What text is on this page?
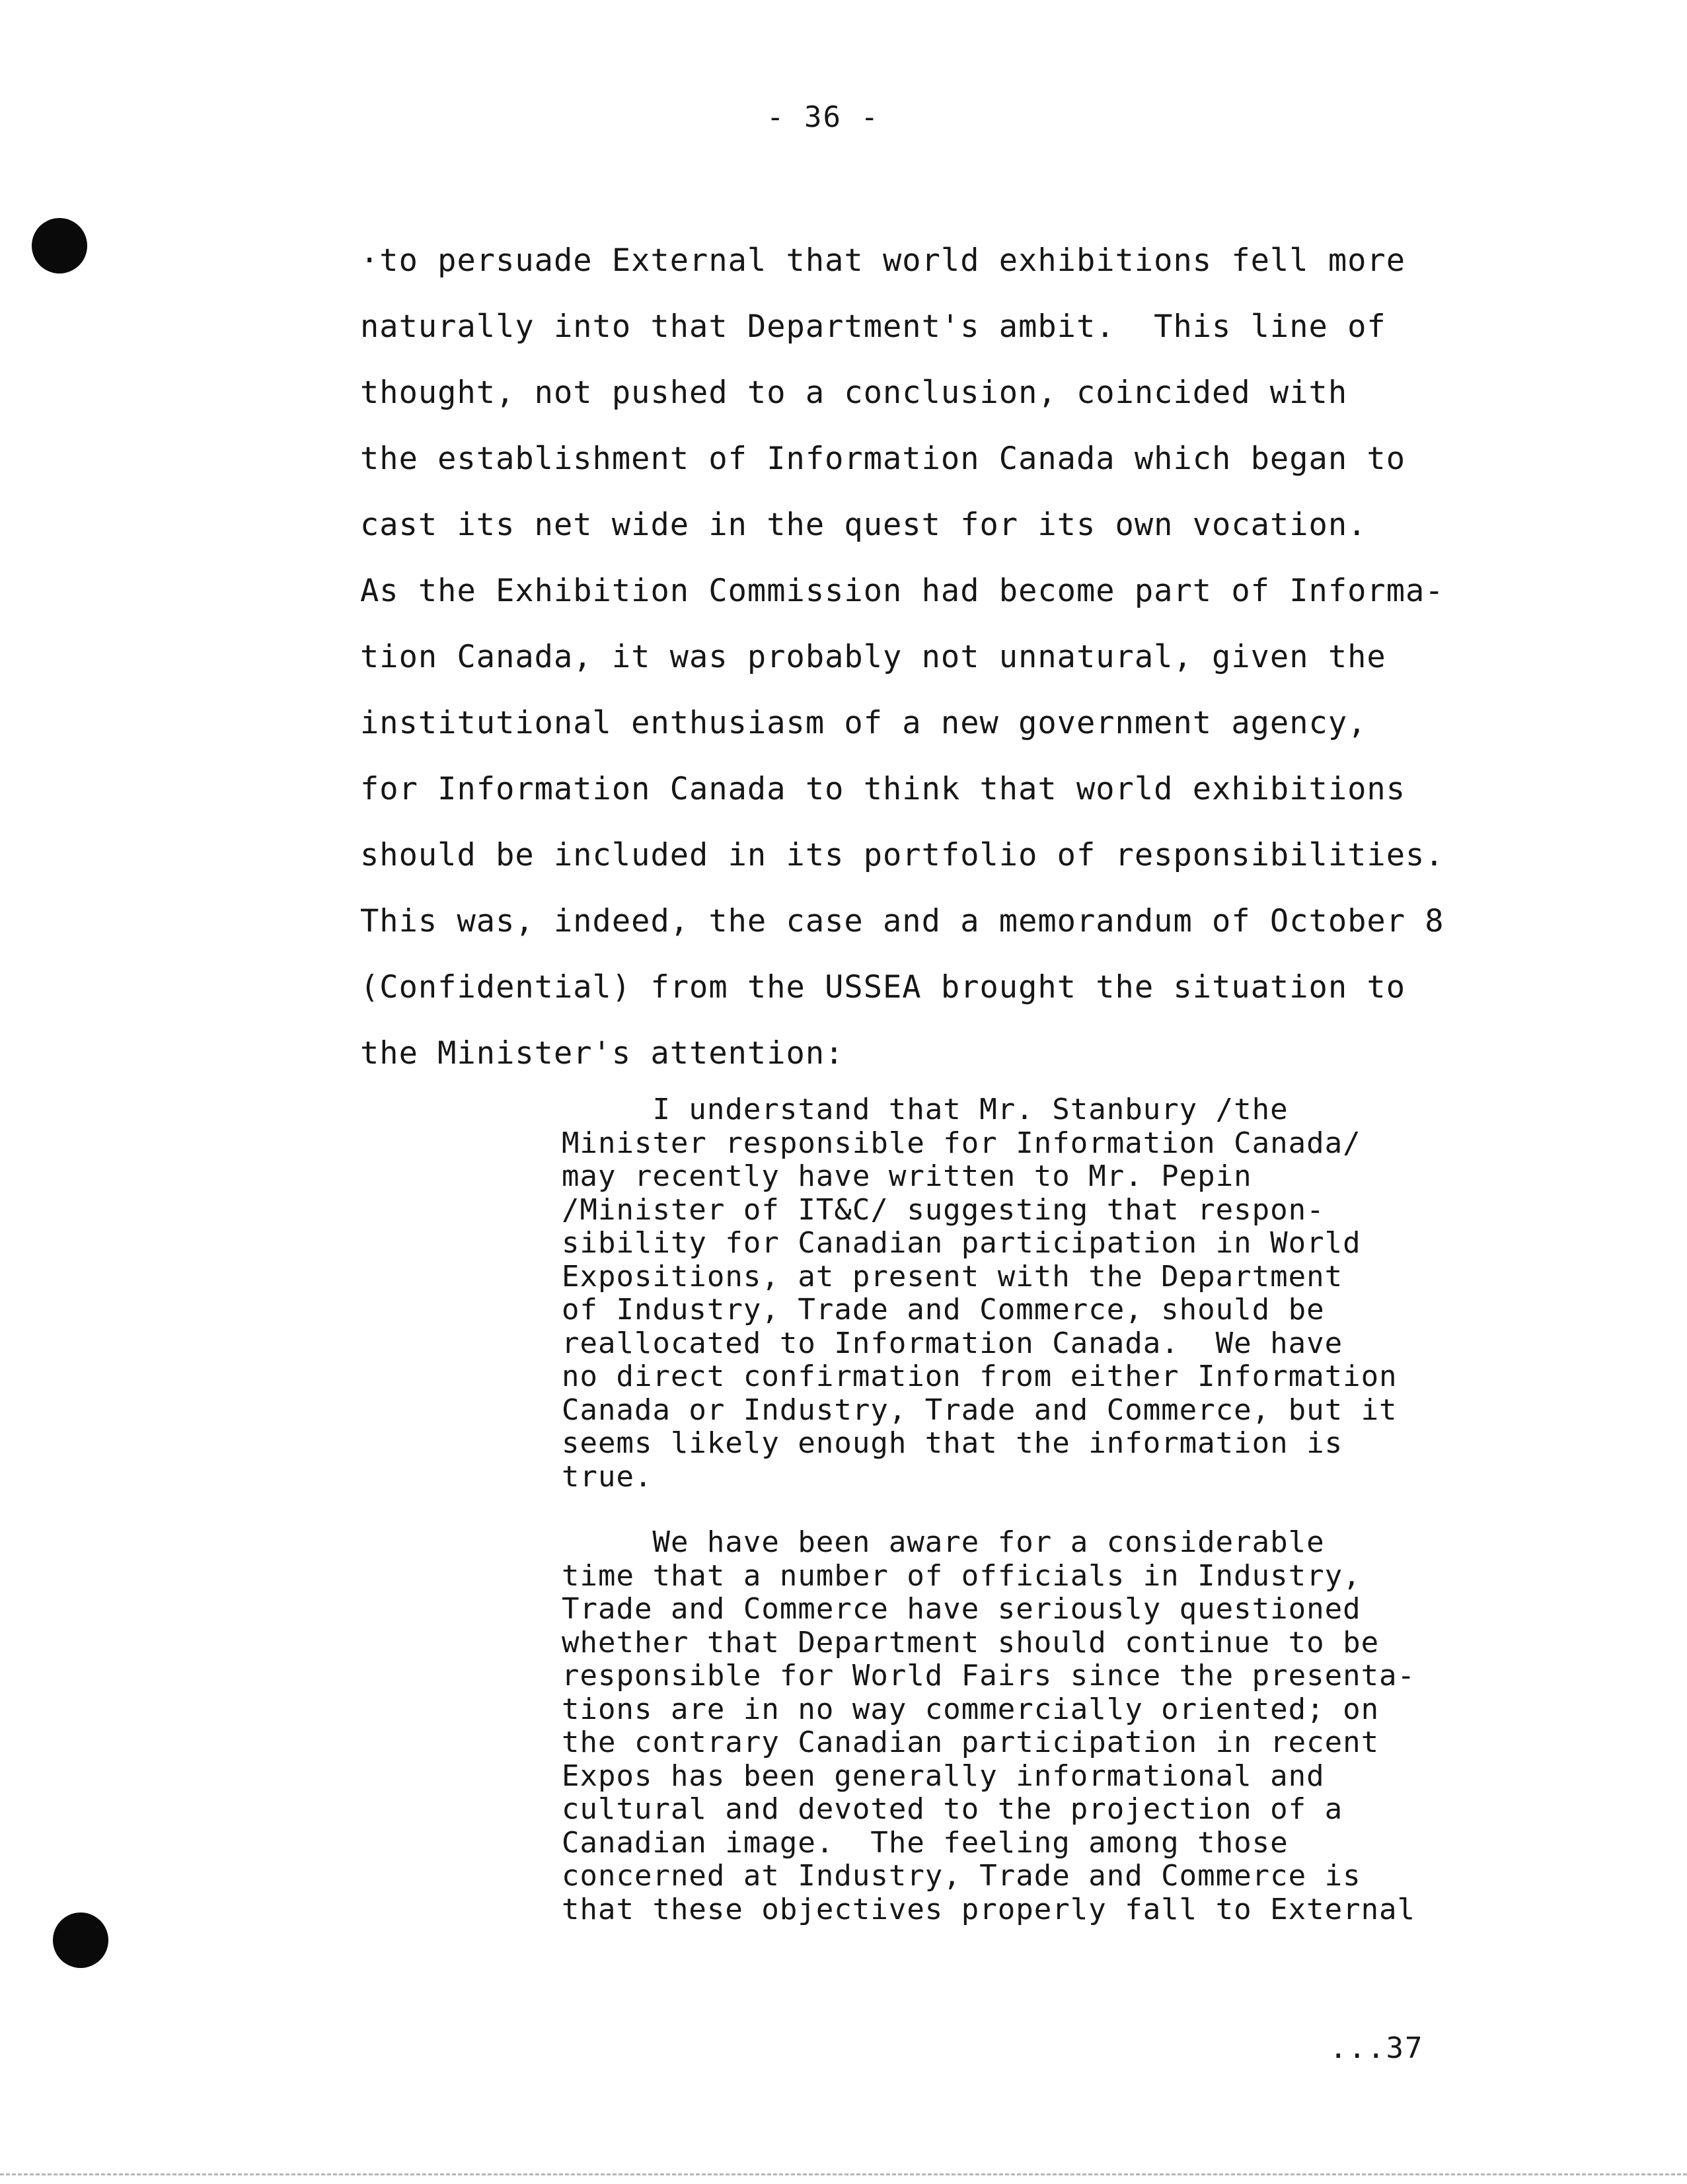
- 36 -
·to persuade External that world exhibitions fell more
naturally into that Department's ambit.  This line of
thought, not pushed to a conclusion, coincided with
the establishment of Information Canada which began to
cast its net wide in the quest for its own vocation.
As the Exhibition Commission had become part of Informa-
tion Canada, it was probably not unnatural, given the
institutional enthusiasm of a new government agency,
for Information Canada to think that world exhibitions
should be included in its portfolio of responsibilities.
This was, indeed, the case and a memorandum of October 8
(Confidential) from the USSEA brought the situation to
the Minister's attention:
I understand that Mr. Stanbury /the
Minister responsible for Information Canada/
may recently have written to Mr. Pepin
/Minister of IT&C/ suggesting that respon-
sibility for Canadian participation in World
Expositions, at present with the Department
of Industry, Trade and Commerce, should be
reallocated to Information Canada.  We have
no direct confirmation from either Information
Canada or Industry, Trade and Commerce, but it
seems likely enough that the information is
true.
We have been aware for a considerable
time that a number of officials in Industry,
Trade and Commerce have seriously questioned
whether that Department should continue to be
responsible for World Fairs since the presenta-
tions are in no way commercially oriented; on
the contrary Canadian participation in recent
Expos has been generally informational and
cultural and devoted to the projection of a
Canadian image.  The feeling among those
concerned at Industry, Trade and Commerce is
that these objectives properly fall to External
...37
